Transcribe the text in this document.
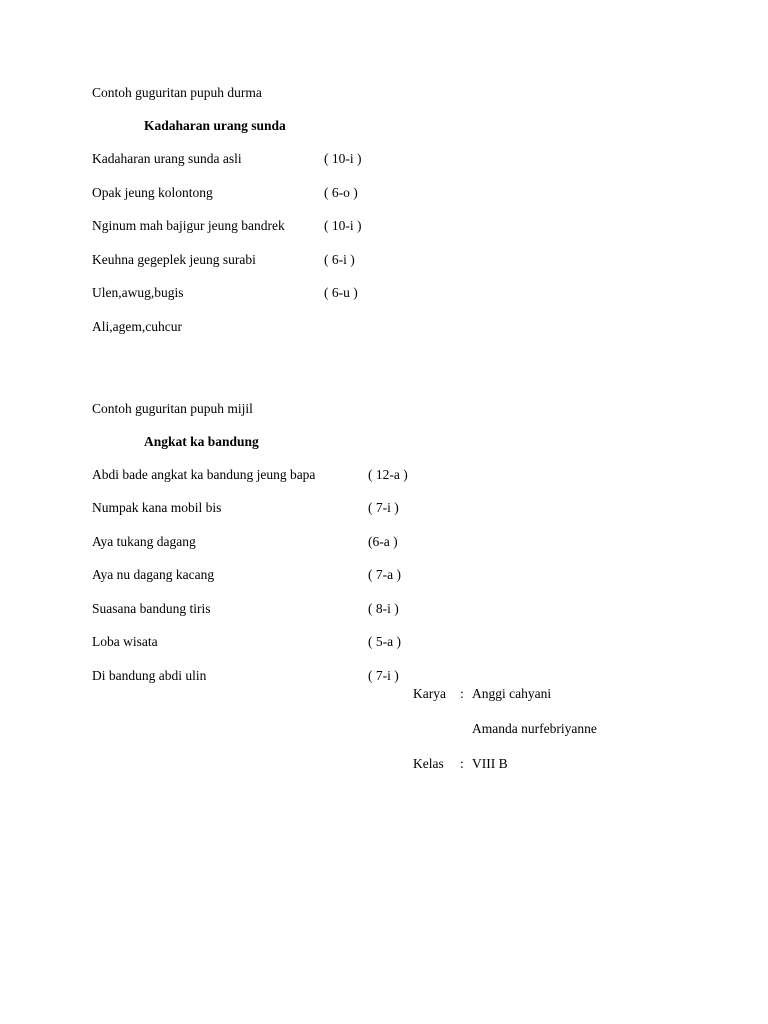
Contoh guguritan pupuh durma
Kadaharan urang sunda
Kadaharan urang sunda asli	( 10-i )
Opak jeung kolontong	( 6-o )
Nginum mah bajigur jeung bandrek	( 10-i )
Keuhna gegeplek jeung surabi	( 6-i )
Ulen,awug,bugis	( 6-u )
Ali,agem,cuhcur
Contoh guguritan pupuh mijil
Angkat ka bandung
Abdi bade angkat ka bandung jeung bapa	( 12-a )
Numpak kana mobil bis	( 7-i )
Aya tukang dagang	(6-a )
Aya nu dagang kacang	( 7-a )
Suasana bandung tiris	( 8-i )
Loba wisata	( 5-a )
Di bandung abdi ulin	( 7-i )
Karya	: Anggi cahyani
Amanda nurfebriyanne
Kelas	: VIII B
